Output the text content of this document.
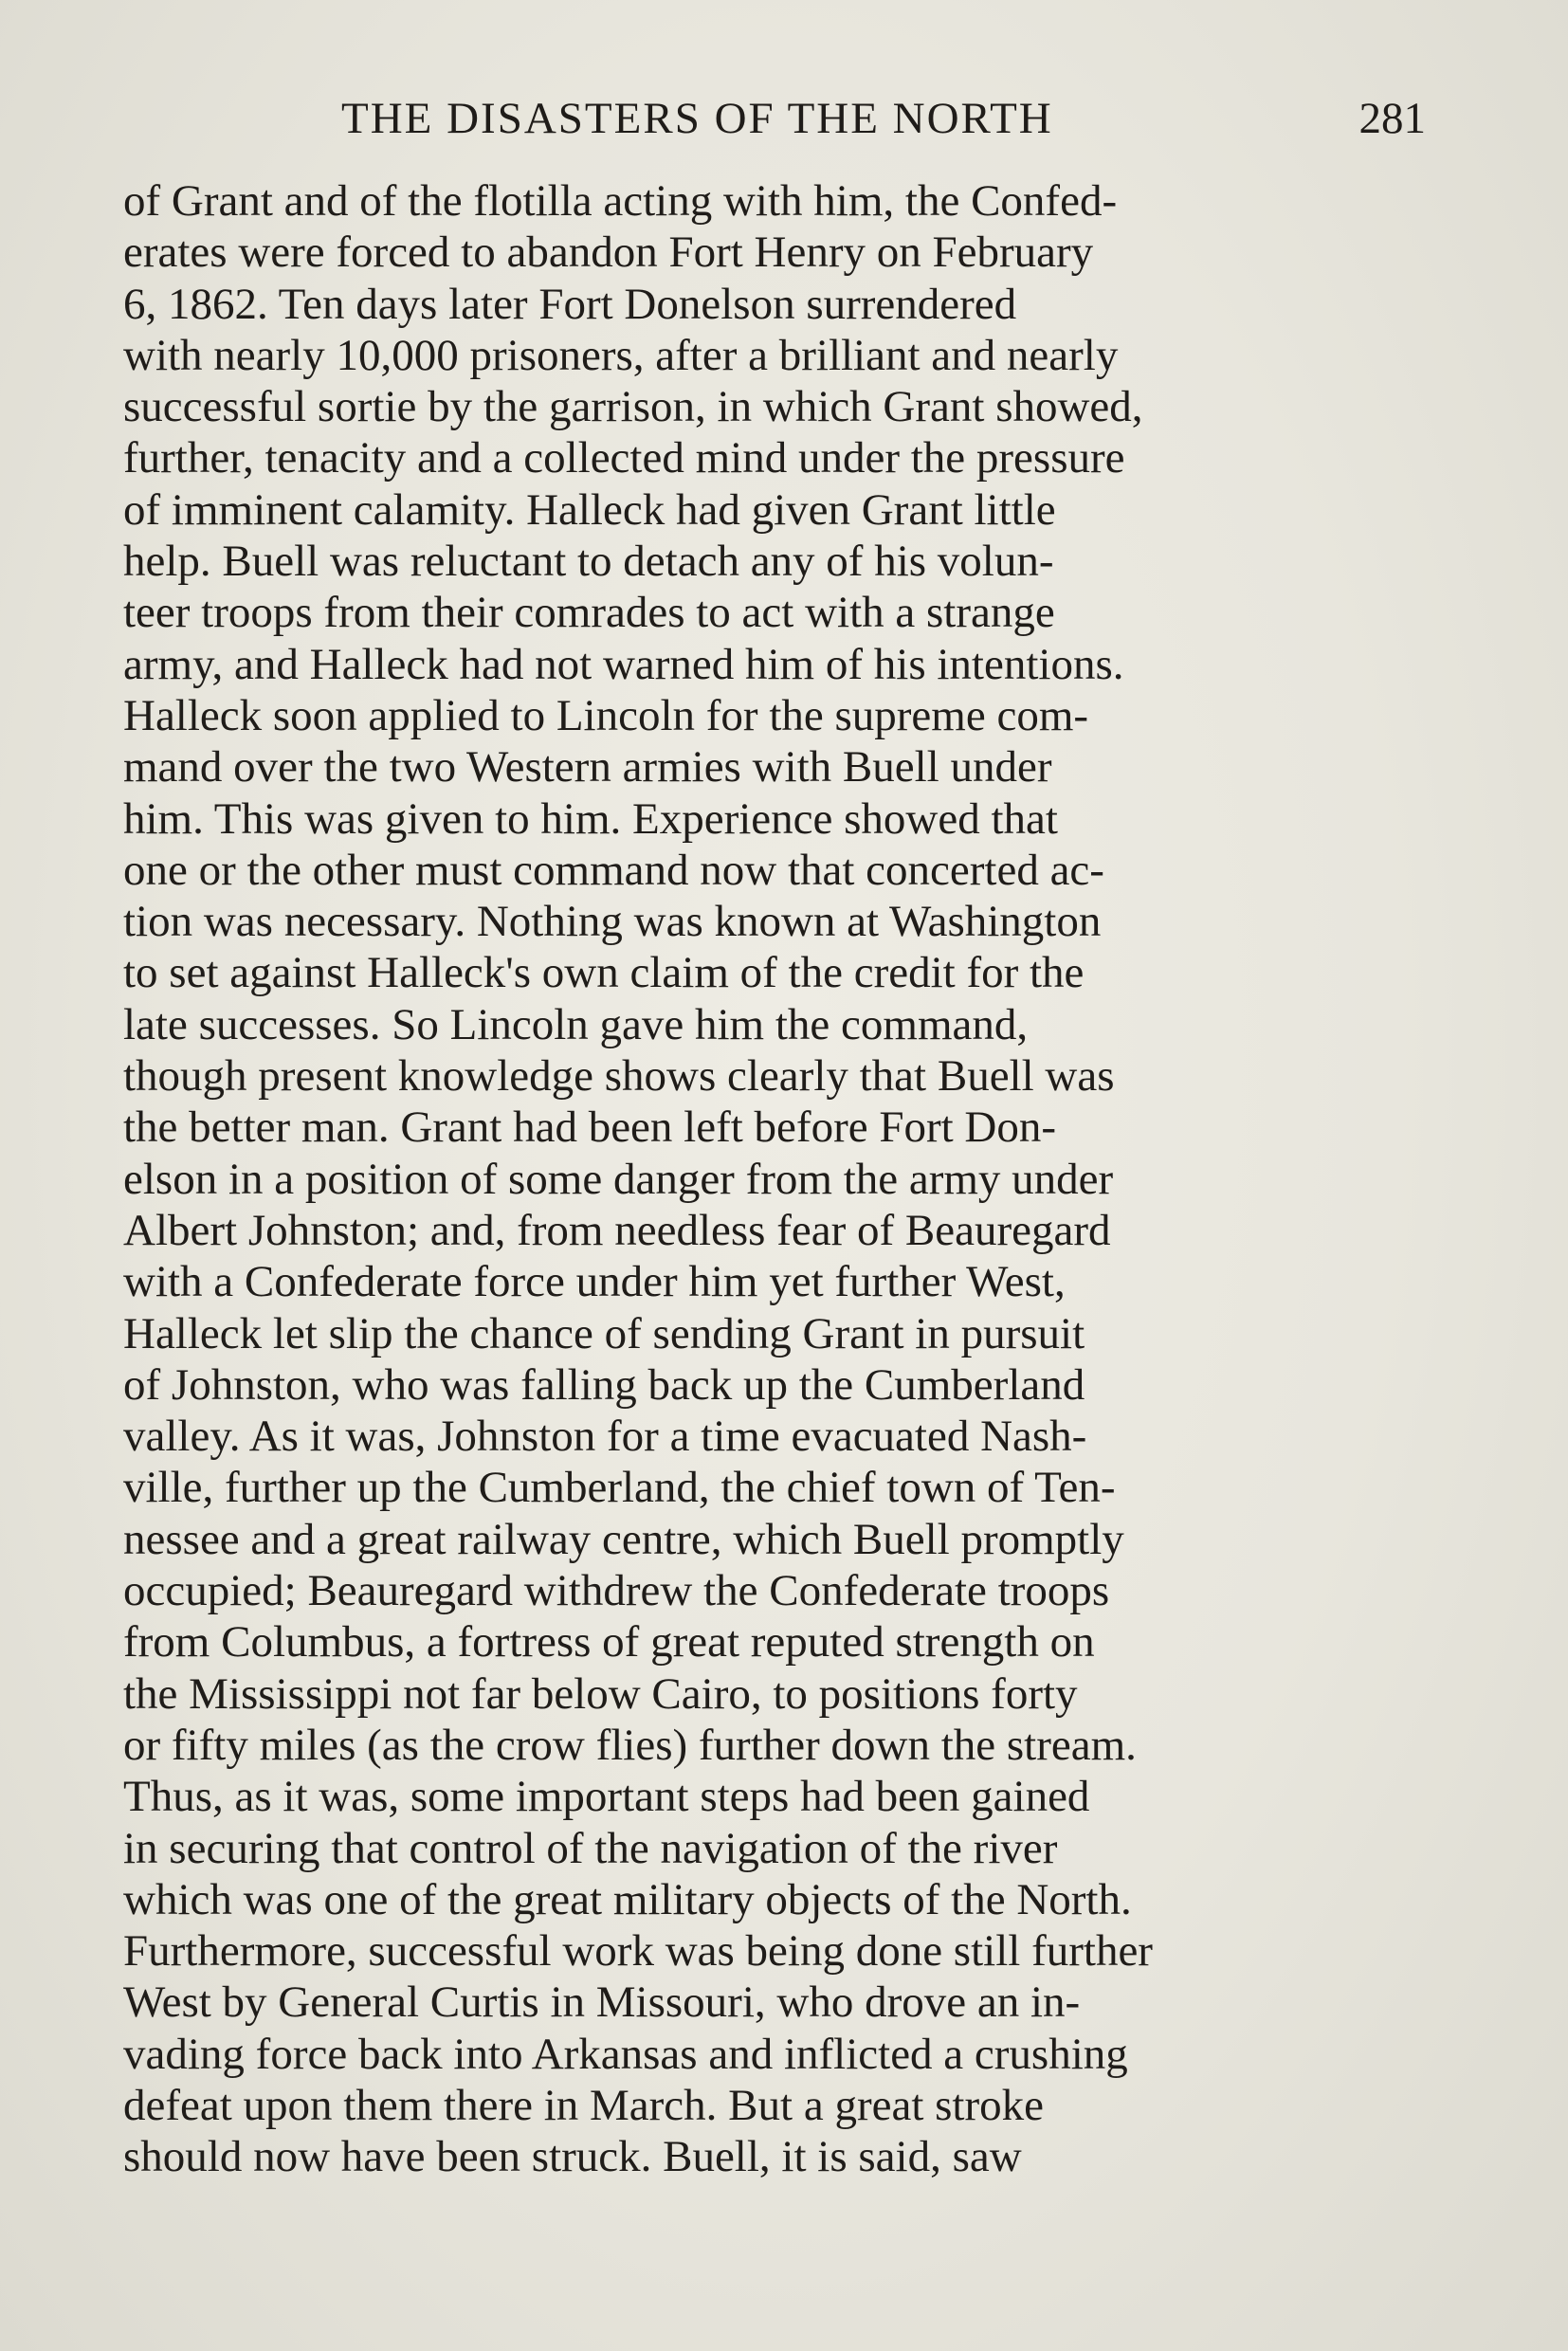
THE DISASTERS OF THE NORTH	281
of Grant and of the flotilla acting with him, the Confed-
erates were forced to abandon Fort Henry on February
6, 1862. Ten days later Fort Donelson surrendered
with nearly 10,000 prisoners, after a brilliant and nearly
successful sortie by the garrison, in which Grant showed,
further, tenacity and a collected mind under the pressure
of imminent calamity. Halleck had given Grant little
help. Buell was reluctant to detach any of his volun-
teer troops from their comrades to act with a strange
army, and Halleck had not warned him of his intentions.
Halleck soon applied to Lincoln for the supreme com-
mand over the two Western armies with Buell under
him. This was given to him. Experience showed that
one or the other must command now that concerted ac-
tion was necessary. Nothing was known at Washington
to set against Halleck's own claim of the credit for the
late successes. So Lincoln gave him the command,
though present knowledge shows clearly that Buell was
the better man. Grant had been left before Fort Don-
elson in a position of some danger from the army under
Albert Johnston; and, from needless fear of Beauregard
with a Confederate force under him yet further West,
Halleck let slip the chance of sending Grant in pursuit
of Johnston, who was falling back up the Cumberland
valley. As it was, Johnston for a time evacuated Nash-
ville, further up the Cumberland, the chief town of Ten-
nessee and a great railway centre, which Buell promptly
occupied; Beauregard withdrew the Confederate troops
from Columbus, a fortress of great reputed strength on
the Mississippi not far below Cairo, to positions forty
or fifty miles (as the crow flies) further down the stream.
Thus, as it was, some important steps had been gained
in securing that control of the navigation of the river
which was one of the great military objects of the North.
Furthermore, successful work was being done still further
West by General Curtis in Missouri, who drove an in-
vading force back into Arkansas and inflicted a crushing
defeat upon them there in March. But a great stroke
should now have been struck. Buell, it is said, saw
